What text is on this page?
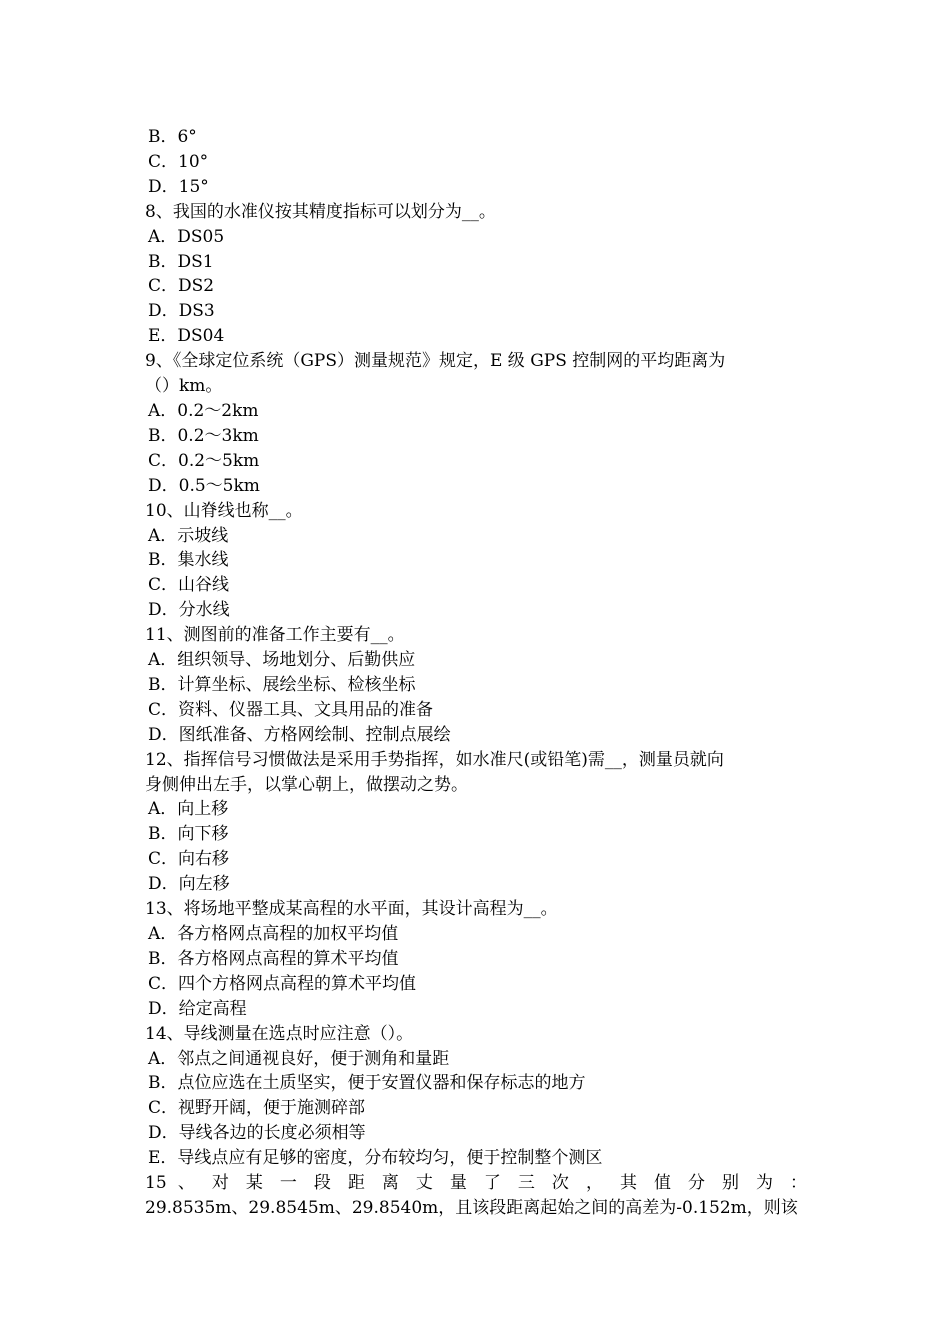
B．6°
C．10°
D．15°
8、我国的水准仪按其精度指标可以划分为__。
A．DS05
B．DS1
C．DS2
D．DS3
E．DS04
9、《全球定位系统（GPS）测量规范》规定，E 级 GPS 控制网的平均距离为
（）km。
A．0.2～2km
B．0.2～3km
C．0.2～5km
D．0.5～5km
10、山脊线也称__。
A．示坡线
B．集水线
C．山谷线
D．分水线
11、测图前的准备工作主要有__。
A．组织领导、场地划分、后勤供应
B．计算坐标、展绘坐标、检核坐标
C．资料、仪器工具、文具用品的准备
D．图纸准备、方格网绘制、控制点展绘
12、指挥信号习惯做法是采用手势指挥，如水准尺(或铅笔)需__，测量员就向
身侧伸出左手，以掌心朝上，做摆动之势。
A．向上移
B．向下移
C．向右移
D．向左移
13、将场地平整成某高程的水平面，其设计高程为__。
A．各方格网点高程的加权平均值
B．各方格网点高程的算术平均值
C．四个方格网点高程的算术平均值
D．给定高程
14、导线测量在选点时应注意（）。
A．邻点之间通视良好，便于测角和量距
B．点位应选在土质坚实，便于安置仪器和保存标志的地方
C．视野开阔，便于施测碎部
D．导线各边的长度必须相等
E．导线点应有足够的密度，分布较均匀，便于控制整个测区
15 、 对 某 一 段 距 离 丈 量 了 三 次 ， 其 值 分 别 为 ：
29.8535m、29.8545m、29.8540m，且该段距离起始之间的高差为-0.152m，则该
